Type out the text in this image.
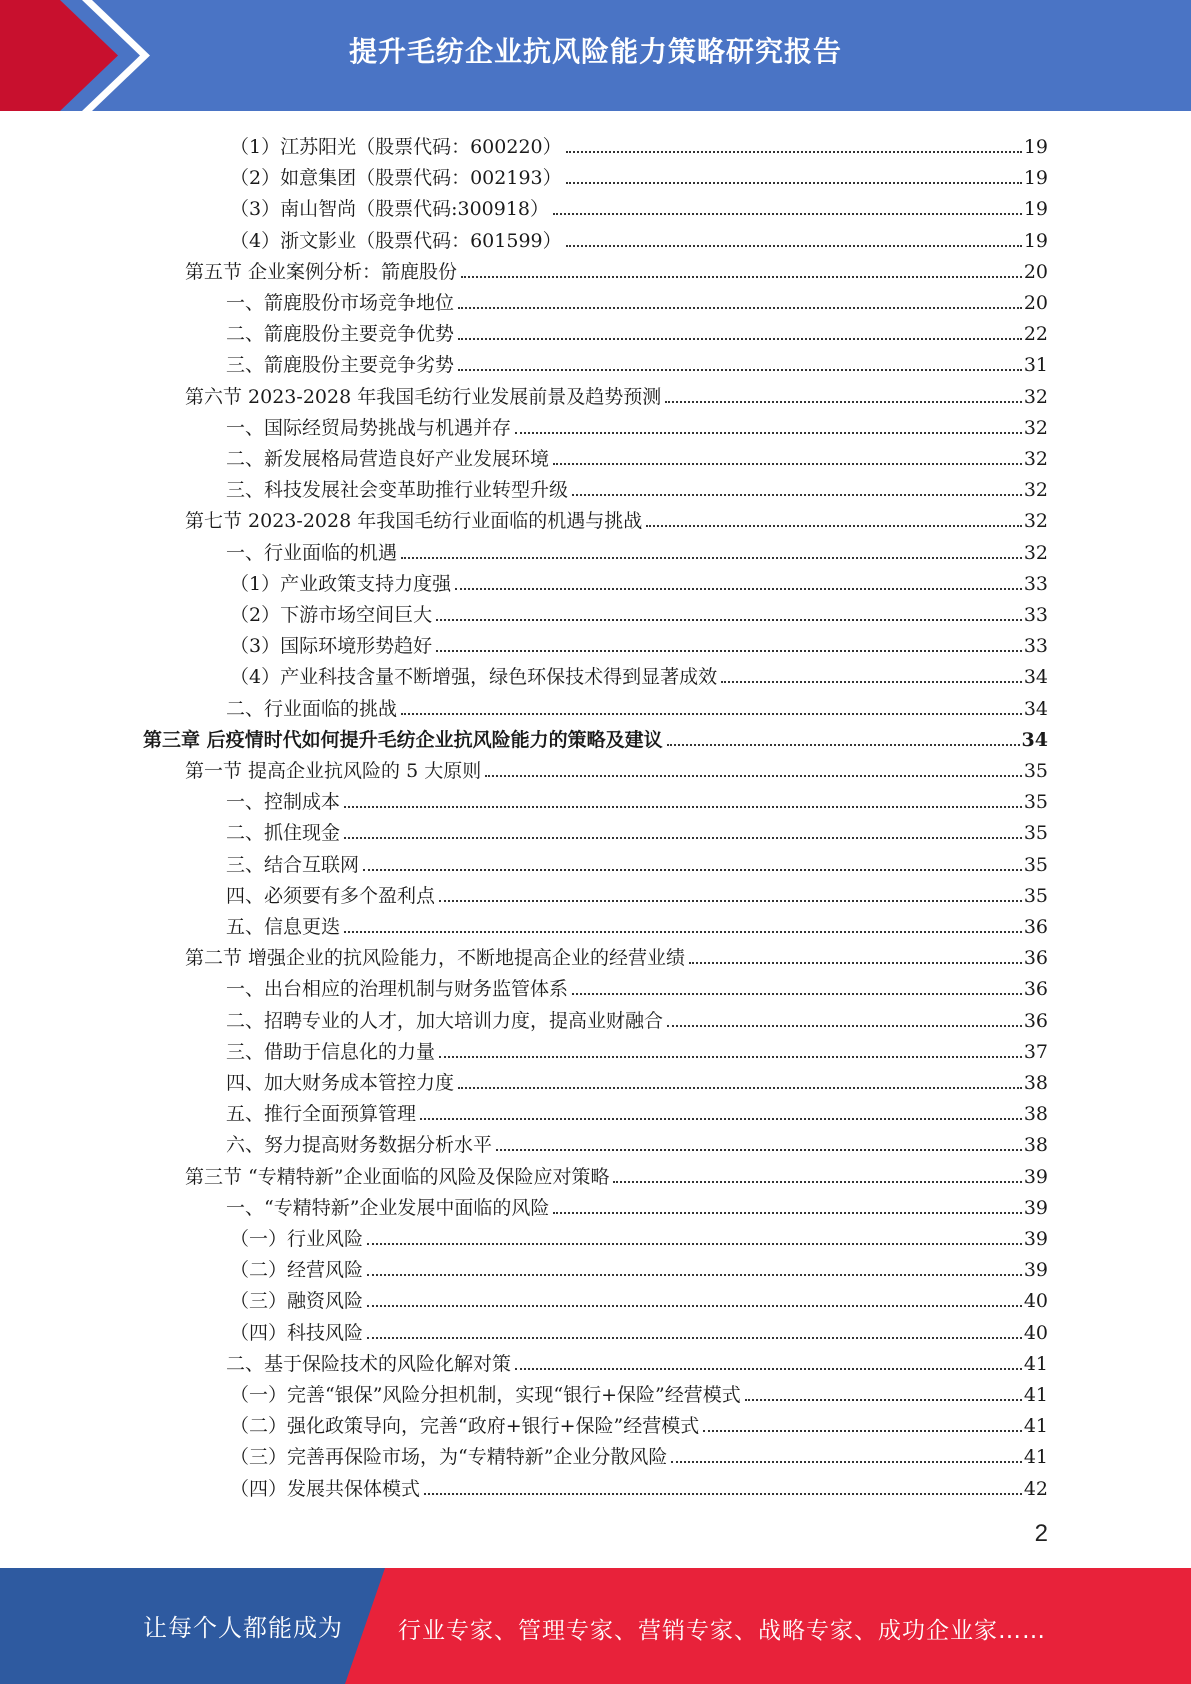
提升毛纺企业抗风险能力策略研究报告
（1）江苏阳光（股票代码：600220）	19
（2）如意集团（股票代码：002193）	19
（3）南山智尚（股票代码:300918）	19
（4）浙文影业（股票代码：601599）	19
第五节 企业案例分析：箭鹿股份	20
一、箭鹿股份市场竞争地位	20
二、箭鹿股份主要竞争优势	22
三、箭鹿股份主要竞争劣势	31
第六节 2023-2028 年我国毛纺行业发展前景及趋势预测	32
一、国际经贸局势挑战与机遇并存	32
二、新发展格局营造良好产业发展环境	32
三、科技发展社会变革助推行业转型升级	32
第七节 2023-2028 年我国毛纺行业面临的机遇与挑战	32
一、行业面临的机遇	32
（1）产业政策支持力度强	33
（2）下游市场空间巨大	33
（3）国际环境形势趋好	33
（4）产业科技含量不断增强，绿色环保技术得到显著成效	34
二、行业面临的挑战	34
第三章 后疫情时代如何提升毛纺企业抗风险能力的策略及建议	34
第一节 提高企业抗风险的 5 大原则	35
一、控制成本	35
二、抓住现金	35
三、结合互联网	35
四、必须要有多个盈利点	35
五、信息更迭	36
第二节 增强企业的抗风险能力，不断地提高企业的经营业绩	36
一、出台相应的治理机制与财务监管体系	36
二、招聘专业的人才，加大培训力度，提高业财融合	36
三、借助于信息化的力量	37
四、加大财务成本管控力度	38
五、推行全面预算管理	38
六、努力提高财务数据分析水平	38
第三节 “专精特新”企业面临的风险及保险应对策略	39
一、“专精特新”企业发展中面临的风险	39
（一）行业风险	39
（二）经营风险	39
（三）融资风险	40
（四）科技风险	40
二、基于保险技术的风险化解对策	41
（一）完善“银保”风险分担机制，实现“银行+保险”经营模式	41
（二）强化政策导向，完善“政府+银行+保险”经营模式	41
（三）完善再保险市场，为“专精特新”企业分散风险	41
（四）发展共保体模式	42
2
让每个人都能成为 行业专家、管理专家、营销专家、战略专家、成功企业家……
